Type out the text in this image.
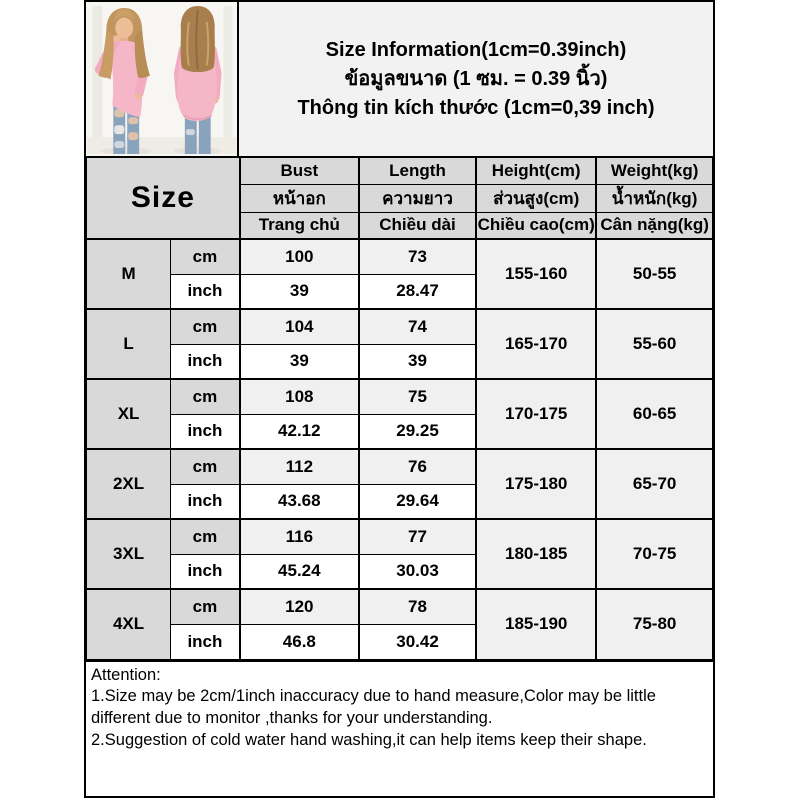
Size Information(1cm=0.39inch)
ข้อมูลขนาด (1 ซม. = 0.39 นิ้ว)
Thông tin kích thước (1cm=0,39 inch)
Size		Bust	Length	Height(cm)	Weight(kg)
		หน้าอก	ความยาว	ส่วนสูง(cm)	น้ำหนัก(kg)
		Trang chủ	Chiều dài	Chiều cao(cm)	Cân nặng(kg)
M	cm	100	73	155-160	50-55
	inch	39	28.47		
L	cm	104	74	165-170	55-60
	inch	39	39		
XL	cm	108	75	170-175	60-65
	inch	42.12	29.25		
2XL	cm	112	76	175-180	65-70
	inch	43.68	29.64		
3XL	cm	116	77	180-185	70-75
	inch	45.24	30.03		
4XL	cm	120	78	185-190	75-80
	inch	46.8	30.42		
Attention:
1.Size may be 2cm/1inch inaccuracy due to hand measure,Color may be little different due to monitor ,thanks for your understanding.
2.Suggestion of cold water hand washing,it can help items keep their shape.
